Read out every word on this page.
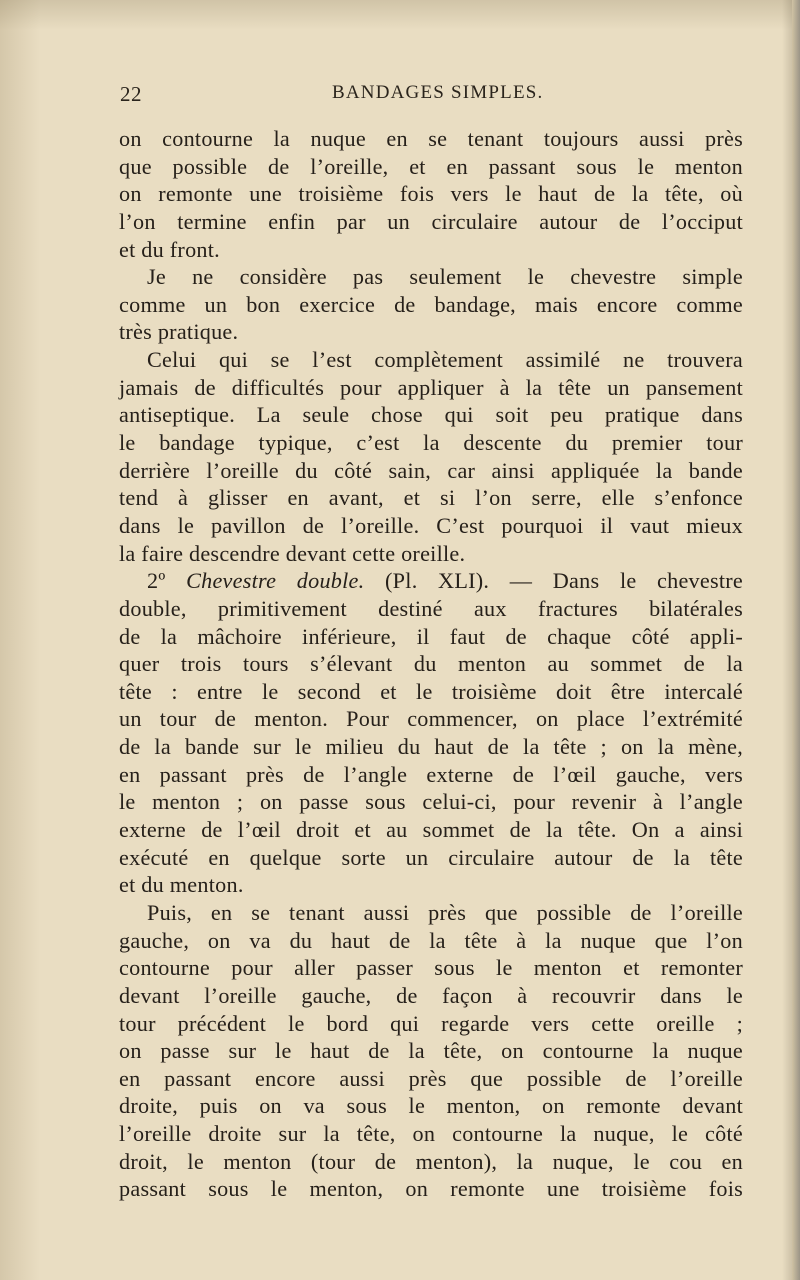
22	BANDAGES SIMPLES.
on contourne la nuque en se tenant toujours aussi près
que possible de l’oreille, et en passant sous le menton
on remonte une troisième fois vers le haut de la tête, où
l’on termine enfin par un circulaire autour de l’occiput
et du front.
Je ne considère pas seulement le chevestre simple
comme un bon exercice de bandage, mais encore comme
très pratique.
Celui qui se l’est complètement assimilé ne trouvera
jamais de difficultés pour appliquer à la tête un pansement
antiseptique. La seule chose qui soit peu pratique dans
le bandage typique, c’est la descente du premier tour
derrière l’oreille du côté sain, car ainsi appliquée la bande
tend à glisser en avant, et si l’on serre, elle s’enfonce
dans le pavillon de l’oreille. C’est pourquoi il vaut mieux
la faire descendre devant cette oreille.
2º Chevestre double. (Pl. XLI). — Dans le chevestre
double, primitivement destiné aux fractures bilatérales
de la mâchoire inférieure, il faut de chaque côté appli-
quer trois tours s’élevant du menton au sommet de la
tête : entre le second et le troisième doit être intercalé
un tour de menton. Pour commencer, on place l’extrémité
de la bande sur le milieu du haut de la tête ; on la mène,
en passant près de l’angle externe de l’œil gauche, vers
le menton ; on passe sous celui-ci, pour revenir à l’angle
externe de l’œil droit et au sommet de la tête. On a ainsi
exécuté en quelque sorte un circulaire autour de la tête
et du menton.
Puis, en se tenant aussi près que possible de l’oreille
gauche, on va du haut de la tête à la nuque que l’on
contourne pour aller passer sous le menton et remonter
devant l’oreille gauche, de façon à recouvrir dans le
tour précédent le bord qui regarde vers cette oreille ;
on passe sur le haut de la tête, on contourne la nuque
en passant encore aussi près que possible de l’oreille
droite, puis on va sous le menton, on remonte devant
l’oreille droite sur la tête, on contourne la nuque, le côté
droit, le menton (tour de menton), la nuque, le cou en
passant sous le menton, on remonte une troisième fois
